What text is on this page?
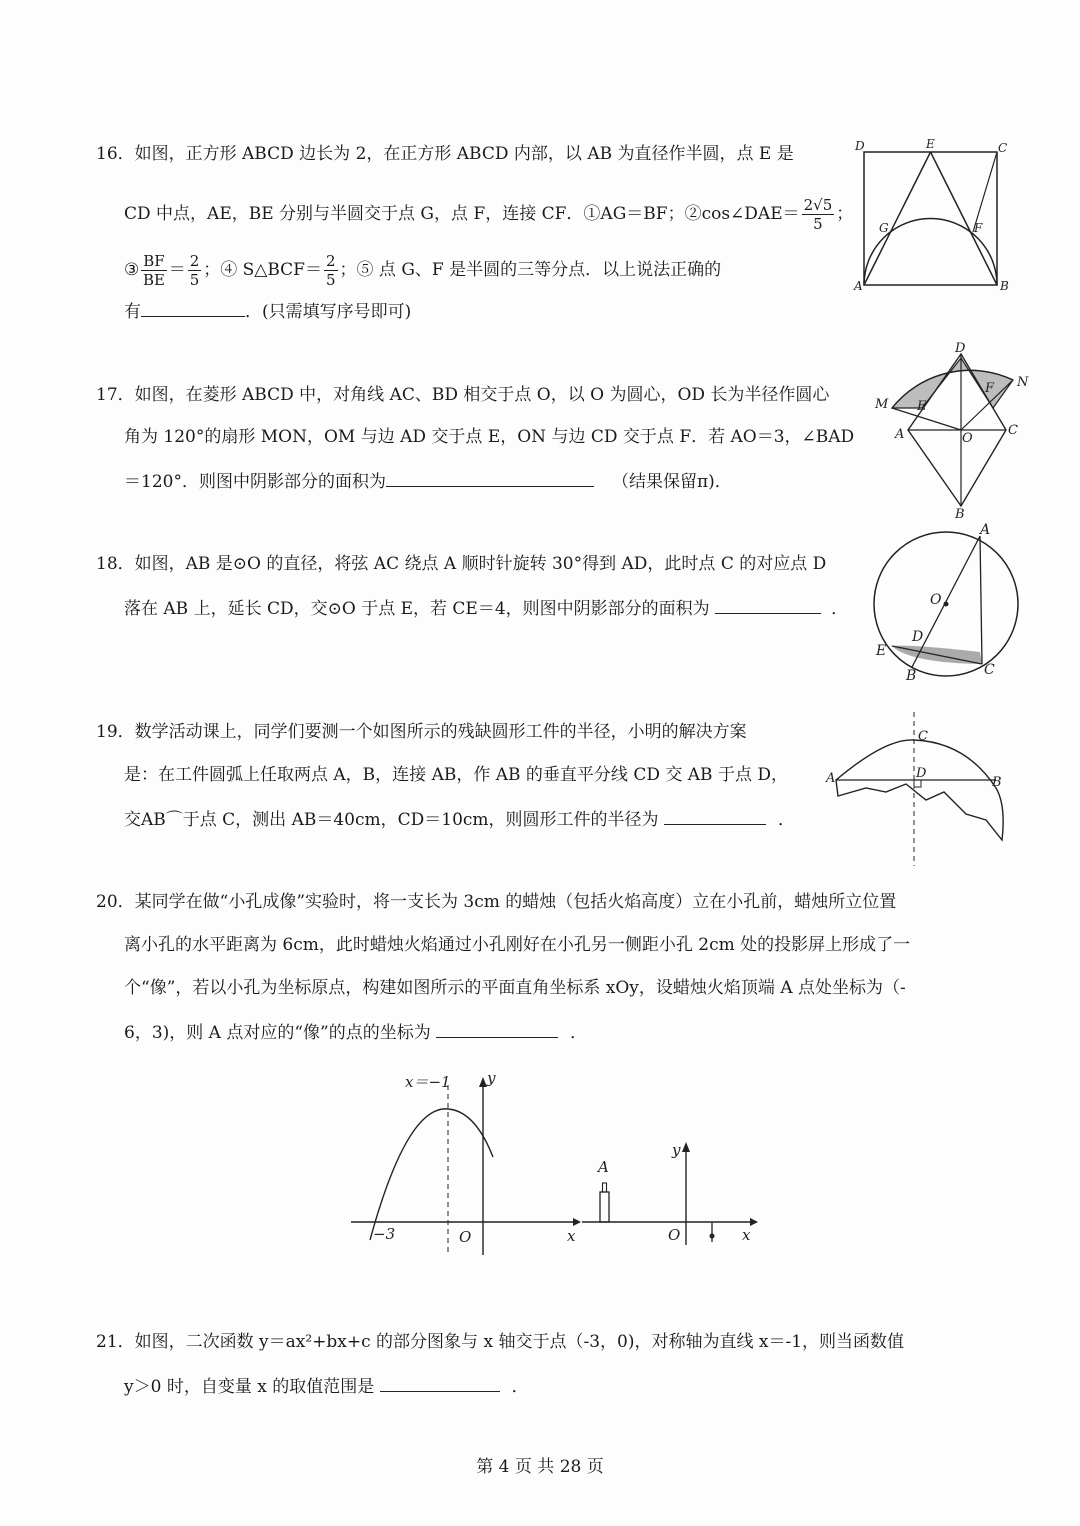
16．如图，正方形 ABCD 边长为 2，在正方形 ABCD 内部，以 AB 为直径作半圆，点 E 是
CD 中点，AE，BE 分别与半圆交于点 G，点 F，连接 CF．①AG＝BF；②cos∠DAE＝ $\frac{2√5}{5}$ ；
③ $\frac{BF}{BE} = \frac{2}{5}$ ；④ S△BCF＝ $\frac{2}{5}$ ；⑤ 点 G、F 是半圆的三等分点．以上说法正确的
有	．(只需填写序号即可)
A	B
C
D	E
F
G
17．如图，在菱形 ABCD 中，对角线 AC、BD 相交于点 O，以 O 为圆心，OD 长为半径作圆心
角为 120°的扇形 MON，OM 与边 AD 交于点 E，ON 与边 CD 交于点 F．若 AO＝3，∠BAD
＝120°．则图中阴影部分的面积为	（结果保留π)．
A
B
C
D
E
F
M
N
O
18．如图，AB 是⊙O 的直径，将弦 AC 绕点 A 顺时针旋转 30°得到 AD，此时点 C 的对应点 D
落在 AB 上，延长 CD，交⊙O 于点 E，若 CE＝4，则图中阴影部分的面积为	．
A
B	C
D
E
O
19．数学活动课上，同学们要测一个如图所示的残缺圆形工件的半径，小明的解决方案
是：在工件圆弧上任取两点 A，B，连接 AB，作 AB 的垂直平分线 CD 交 AB 于点 D，
交AB⌒于点 C，测出 AB＝40cm，CD＝10cm，则圆形工件的半径为	．
A	B
C
D
20．某同学在做“小孔成像”实验时，将一支长为 3cm 的蜡烛（包括火焰高度）立在小孔前，蜡烛所立位置
离小孔的水平距离为 6cm，此时蜡烛火焰通过小孔刚好在小孔另一侧距小孔 2cm 处的投影屏上形成了一
个“像”，若以小孔为坐标原点，构建如图所示的平面直角坐标系 xOy，设蜡烛火焰顶端 A 点处坐标为（-
6，3)，则 A 点对应的“像”的点的坐标为	．
x＝−1 y
x
O
−3
A
y
x
O
21．如图，二次函数 y＝ax²+bx+c 的部分图象与 x 轴交于点（-3，0)，对称轴为直线 x＝-1，则当函数值
y＞0 时，自变量 x 的取值范围是	．
第 4 页 共 28 页
